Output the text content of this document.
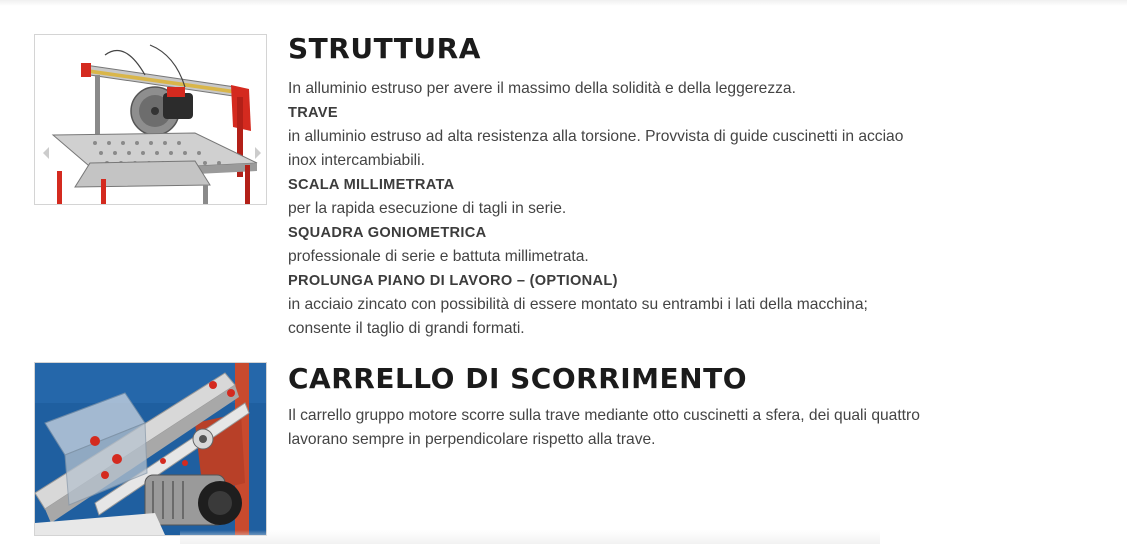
STRUTTURA
In alluminio estruso per avere il massimo della solidità e della leggerezza.
TRAVE
in alluminio estruso ad alta resistenza alla torsione. Provvista di guide cuscinetti in acciao
inox intercambiabili.
SCALA MILLIMETRATA
per la rapida esecuzione di tagli in serie.
SQUADRA GONIOMETRICA
professionale di serie e battuta millimetrata.
PROLUNGA PIANO DI LAVORO – (OPTIONAL)
in acciaio zincato con possibilità di essere montato su entrambi i lati della macchina;
consente il taglio di grandi formati.
CARRELLO DI SCORRIMENTO
Il carrello gruppo motore scorre sulla trave mediante otto cuscinetti a sfera, dei quali quattro
lavorano sempre in perpendicolare rispetto alla trave.
